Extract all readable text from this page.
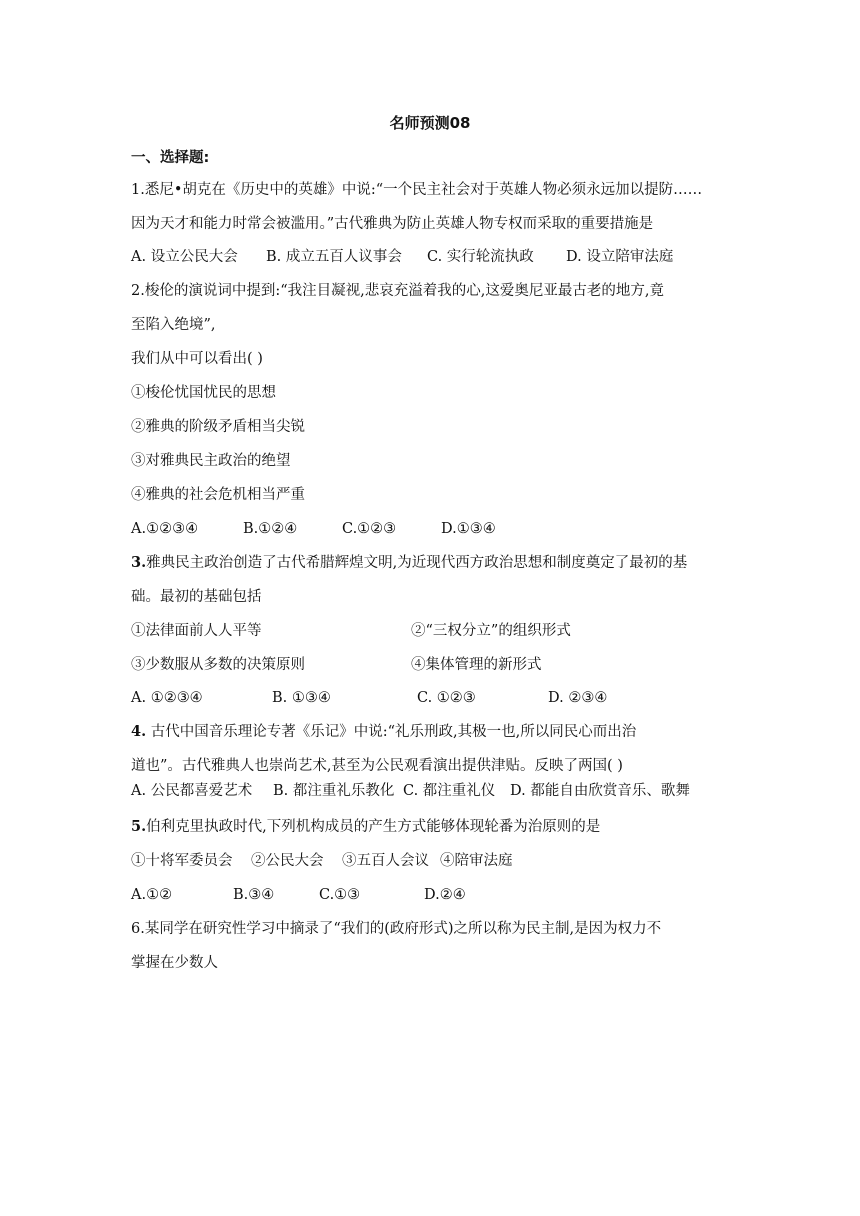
名师预测08
一、选择题:
1.悉尼•胡克在《历史中的英雄》中说:“一个民主社会对于英雄人物必须永远加以提防……
因为天才和能力时常会被滥用。”古代雅典为防止英雄人物专权而采取的重要措施是
A. 设立公民大会 B. 成立五百人议事会 C. 实行轮流执政 D. 设立陪审法庭
2.梭伦的演说词中提到:“我注目凝视,悲哀充溢着我的心,这爱奥尼亚最古老的地方,竟
至陷入绝境”,
我们从中可以看出( )
①梭伦忧国忧民的思想
②雅典的阶级矛盾相当尖锐
③对雅典民主政治的绝望
④雅典的社会危机相当严重
A.①②③④	B.①②④	C.①②③	D.①③④
3.雅典民主政治创造了古代希腊辉煌文明,为近现代西方政治思想和制度奠定了最初的基
础。最初的基础包括
①法律面前人人平等	②“三权分立”的组织形式
③少数服从多数的决策原则	④集体管理的新形式
A. ①②③④	B. ①③④	C. ①②③	D. ②③④
4. 古代中国音乐理论专著《乐记》中说:“礼乐刑政,其极一也,所以同民心而出治
道也”。古代雅典人也崇尚艺术,甚至为公民观看演出提供津贴。反映了两国( )
A. 公民都喜爱艺术 B. 都注重礼乐教化 C. 都注重礼仪 D. 都能自由欣赏音乐、歌舞
5.伯利克里执政时代,下列机构成员的产生方式能够体现轮番为治原则的是
①十将军委员会 ②公民大会 ③五百人会议 ④陪审法庭
A.①②	B.③④	C.①③	D.②④
6.某同学在研究性学习中摘录了“我们的(政府形式)之所以称为民主制,是因为权力不
掌握在少数人
